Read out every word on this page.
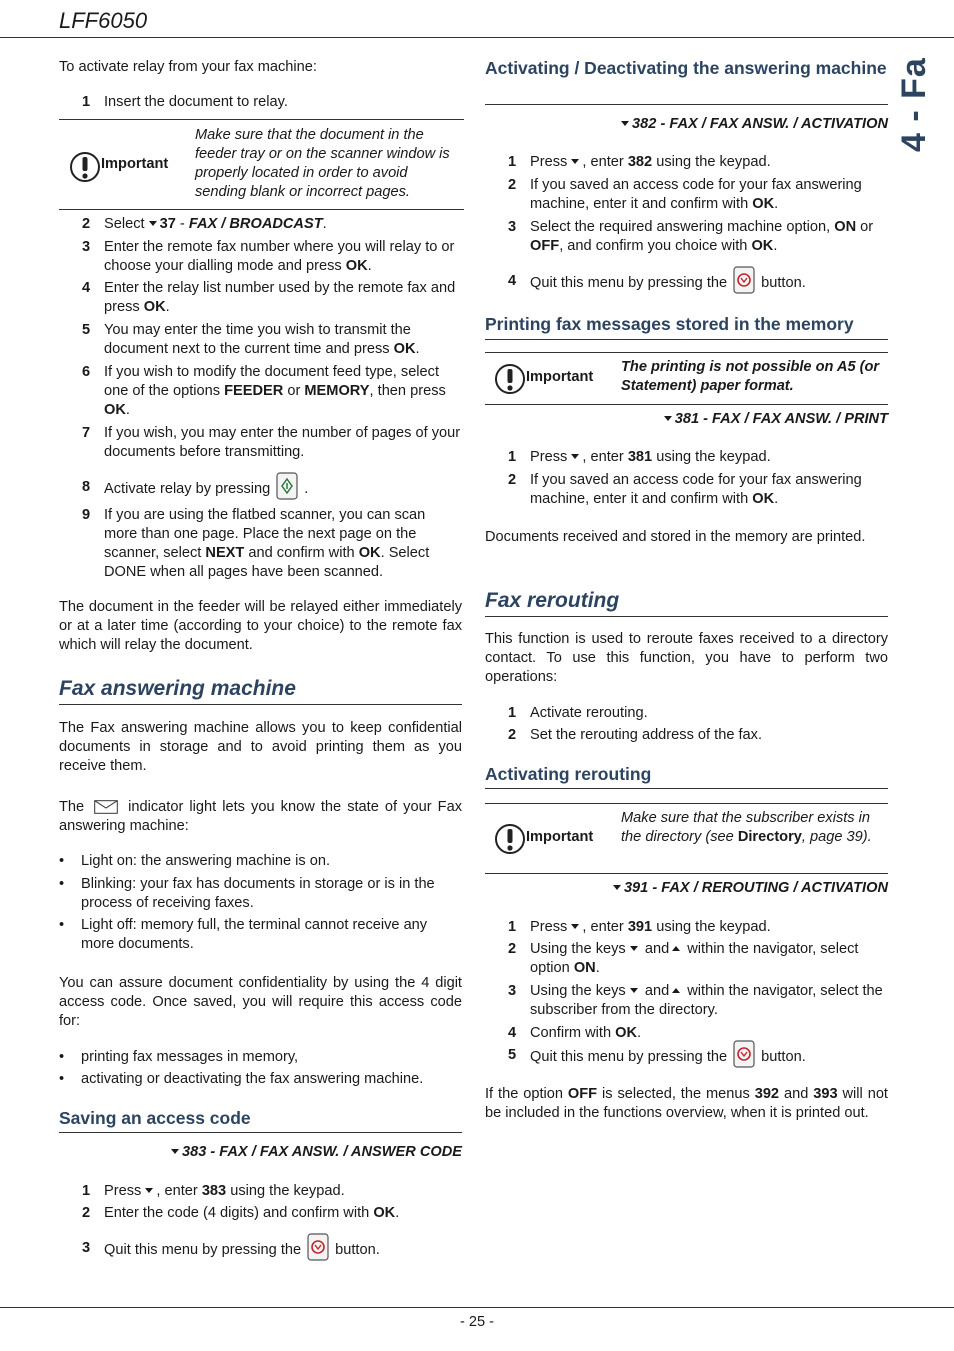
LFF6050
4 - Fax

To activate relay from your fax machine:

1 Insert the document to relay.
Important
Make sure that the document in the feeder tray or on the scanner window is properly located in order to avoid sending blank or incorrect pages.
2 Select 37 - FAX / BROADCAST.
3 Enter the remote fax number where you will relay to or choose your dialling mode and press OK.
4 Enter the relay list number used by the remote fax and press OK.
5 You may enter the time you wish to transmit the document next to the current time and press OK.
6 If you wish to modify the document feed type, select one of the options FEEDER or MEMORY, then press OK.
7 If you wish, you may enter the number of pages of your documents before transmitting.
8 Activate relay by pressing .
9 If you are using the flatbed scanner, you can scan more than one page. Place the next page on the scanner, select NEXT and confirm with OK. Select DONE when all pages have been scanned.

The document in the feeder will be relayed either immediately or at a later time (according to your choice) to the remote fax which will relay the document.

Fax answering machine

The Fax answering machine allows you to keep confidential documents in storage and to avoid printing them as you receive them.

The	indicator light lets you know the state of your Fax answering machine:

•	Light on: the answering machine is on.
•	Blinking: your fax has documents in storage or is in the process of receiving faxes.
•	Light off: memory full, the terminal cannot receive any more documents.

You can assure document confidentiality by using the 4 digit access code. Once saved, you will require this access code for:

•	printing fax messages in memory,
•	activating or deactivating the fax answering machine.
Saving an access code
383 - FAX / FAX ANSW. / ANSWER CODE
1 Press , enter 383 using the keypad.
2 Enter the code (4 digits) and confirm with OK.
3 Quit this menu by pressing the button.
Activating / Deactivating the answering machine
382 - FAX / FAX ANSW. / ACTIVATION
1 Press , enter 382 using the keypad.
2 If you saved an access code for your fax answering machine, enter it and confirm with OK.
3 Select the required answering machine option, ON or OFF, and confirm you choice with OK.
4 Quit this menu by pressing the button.
Printing fax messages stored in the memory
Important
The printing is not possible on A5 (or Statement) paper format.
381 - FAX / FAX ANSW. / PRINT
1 Press , enter 381 using the keypad.
2 If you saved an access code for your fax answering machine, enter it and confirm with OK.

Documents received and stored in the memory are printed.

Fax rerouting

This function is used to reroute faxes received to a directory contact. To use this function, you have to perform two operations:

1 Activate rerouting.
2 Set the rerouting address of the fax.
Activating rerouting
Important
Make sure that the subscriber exists in the directory (see Directory, page 39).
391 - FAX / REROUTING / ACTIVATION
1 Press , enter 391 using the keypad.
2 Using the keys and within the navigator, select option ON.
3 Using the keys and within the navigator, select the subscriber from the directory.
4 Confirm with OK.
5 Quit this menu by pressing the button.

If the option OFF is selected, the menus 392 and 393 will not be included in the functions overview, when it is printed out.

- 25 -
